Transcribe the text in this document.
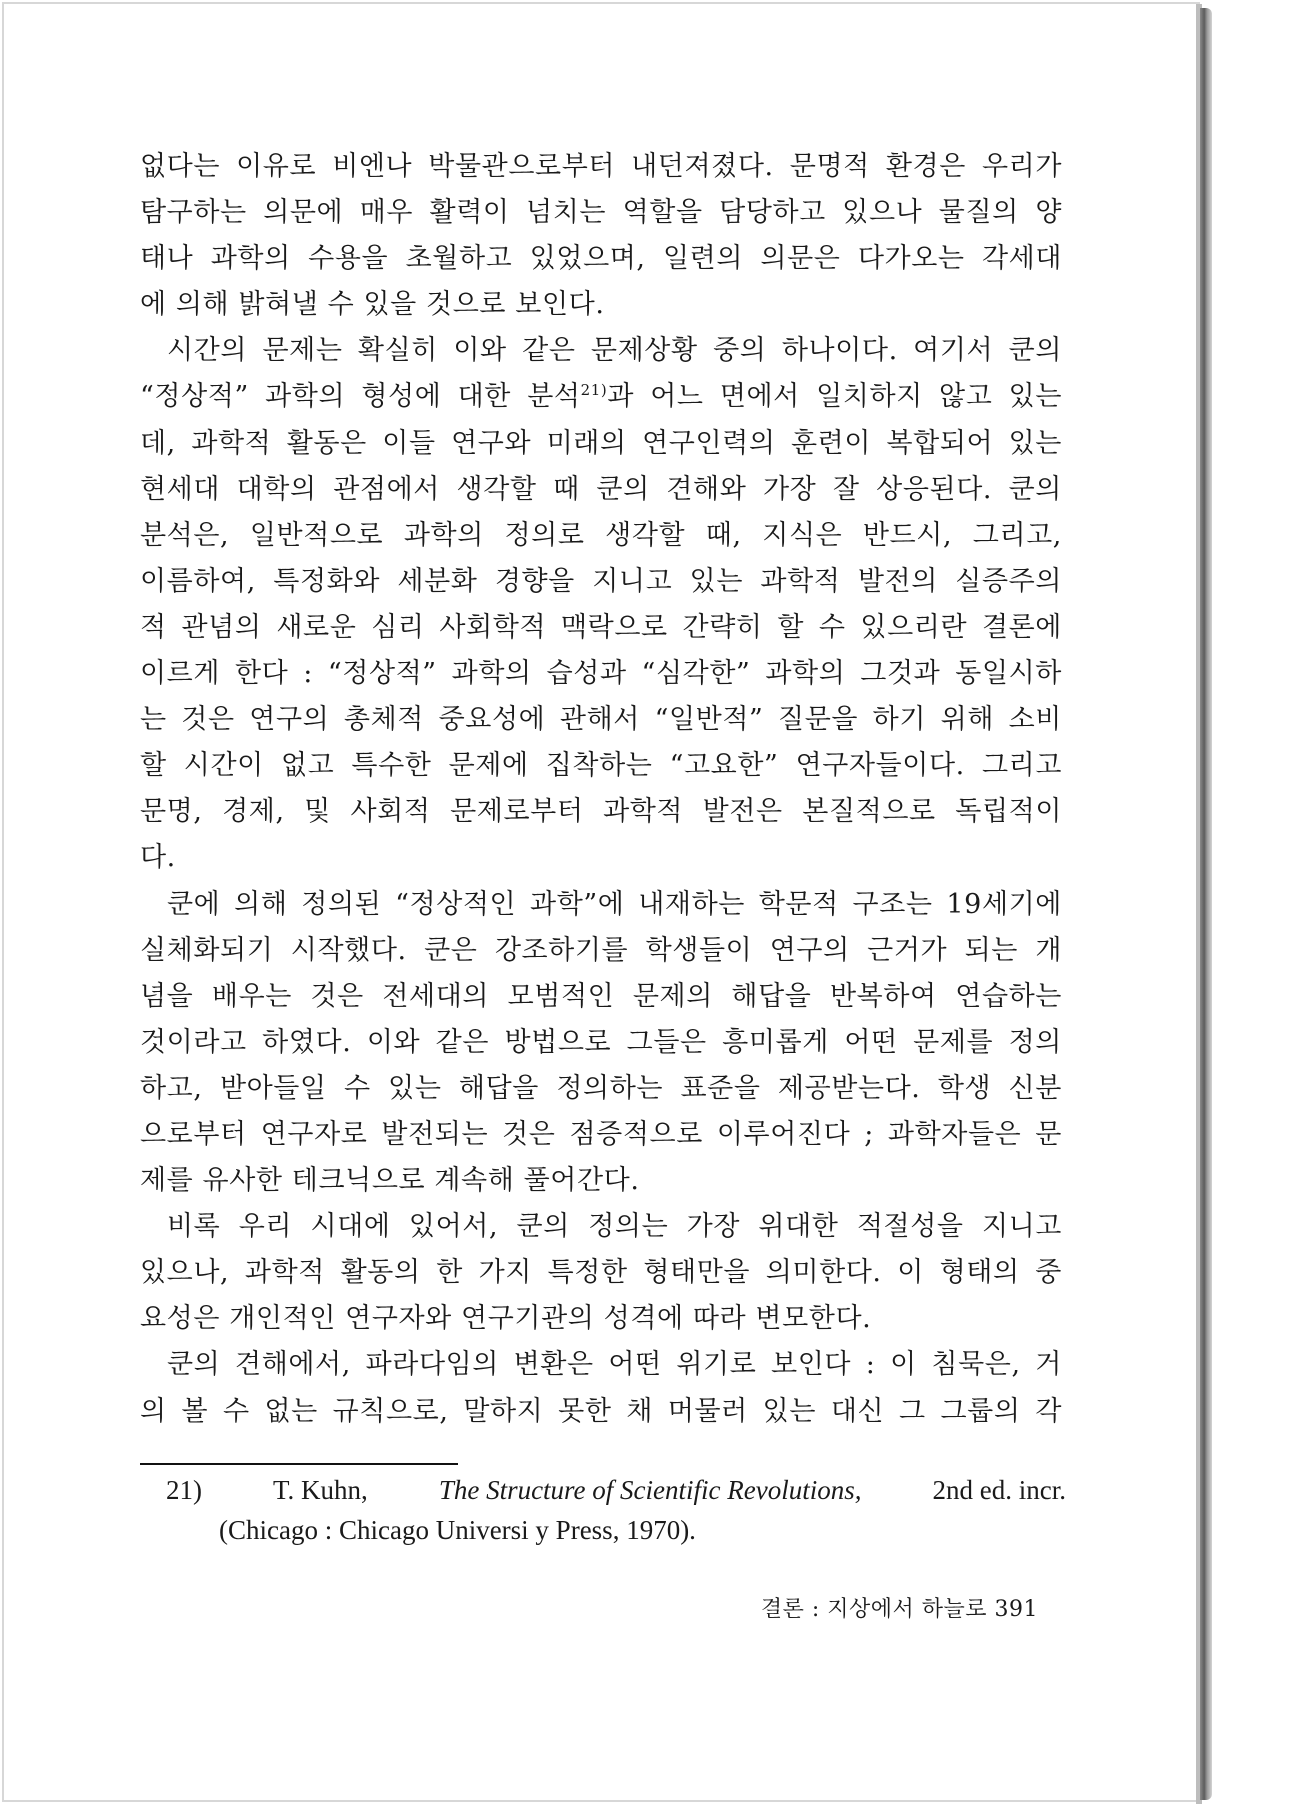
없다는 이유로 비엔나 박물관으로부터 내던져졌다. 문명적 환경은 우리가
탐구하는 의문에 매우 활력이 넘치는 역할을 담당하고 있으나 물질의 양
태나 과학의 수용을 초월하고 있었으며, 일련의 의문은 다가오는 각세대
에 의해 밝혀낼 수 있을 것으로 보인다.

시간의 문제는 확실히 이와 같은 문제상황 중의 하나이다. 여기서 쿤의
“정상적” 과학의 형성에 대한 분석$^{21)}$과 어느 면에서 일치하지 않고 있는
데, 과학적 활동은 이들 연구와 미래의 연구인력의 훈련이 복합되어 있는
현세대 대학의 관점에서 생각할 때 쿤의 견해와 가장 잘 상응된다. 쿤의
분석은, 일반적으로 과학의 정의로 생각할 때, 지식은 반드시, 그리고,
이름하여, 특정화와 세분화 경향을 지니고 있는 과학적 발전의 실증주의
적 관념의 새로운 심리 사회학적 맥락으로 간략히 할 수 있으리란 결론에
이르게 한다 : “정상적” 과학의 습성과 “심각한” 과학의 그것과 동일시하
는 것은 연구의 총체적 중요성에 관해서 “일반적” 질문을 하기 위해 소비
할 시간이 없고 특수한 문제에 집착하는 “고요한” 연구자들이다. 그리고
문명, 경제, 및 사회적 문제로부터 과학적 발전은 본질적으로 독립적이
다.

쿤에 의해 정의된 “정상적인 과학”에 내재하는 학문적 구조는 19세기에
실체화되기 시작했다. 쿤은 강조하기를 학생들이 연구의 근거가 되는 개
념을 배우는 것은 전세대의 모범적인 문제의 해답을 반복하여 연습하는
것이라고 하였다. 이와 같은 방법으로 그들은 흥미롭게 어떤 문제를 정의
하고, 받아들일 수 있는 해답을 정의하는 표준을 제공받는다. 학생 신분
으로부터 연구자로 발전되는 것은 점증적으로 이루어진다 ; 과학자들은 문
제를 유사한 테크닉으로 계속해 풀어간다.

비록 우리 시대에 있어서, 쿤의 정의는 가장 위대한 적절성을 지니고
있으나, 과학적 활동의 한 가지 특정한 형태만을 의미한다. 이 형태의 중
요성은 개인적인 연구자와 연구기관의 성격에 따라 변모한다.

쿤의 견해에서, 파라다임의 변환은 어떤 위기로 보인다 : 이 침묵은, 거
의 볼 수 없는 규칙으로, 말하지 못한 채 머물러 있는 대신 그 그룹의 각

21)	T. Kuhn,	The Structure of Scientific Revolutions,	2nd ed. incr.
(Chicago : Chicago Universi y Press, 1970).
결론 : 지상에서 하늘로 391
